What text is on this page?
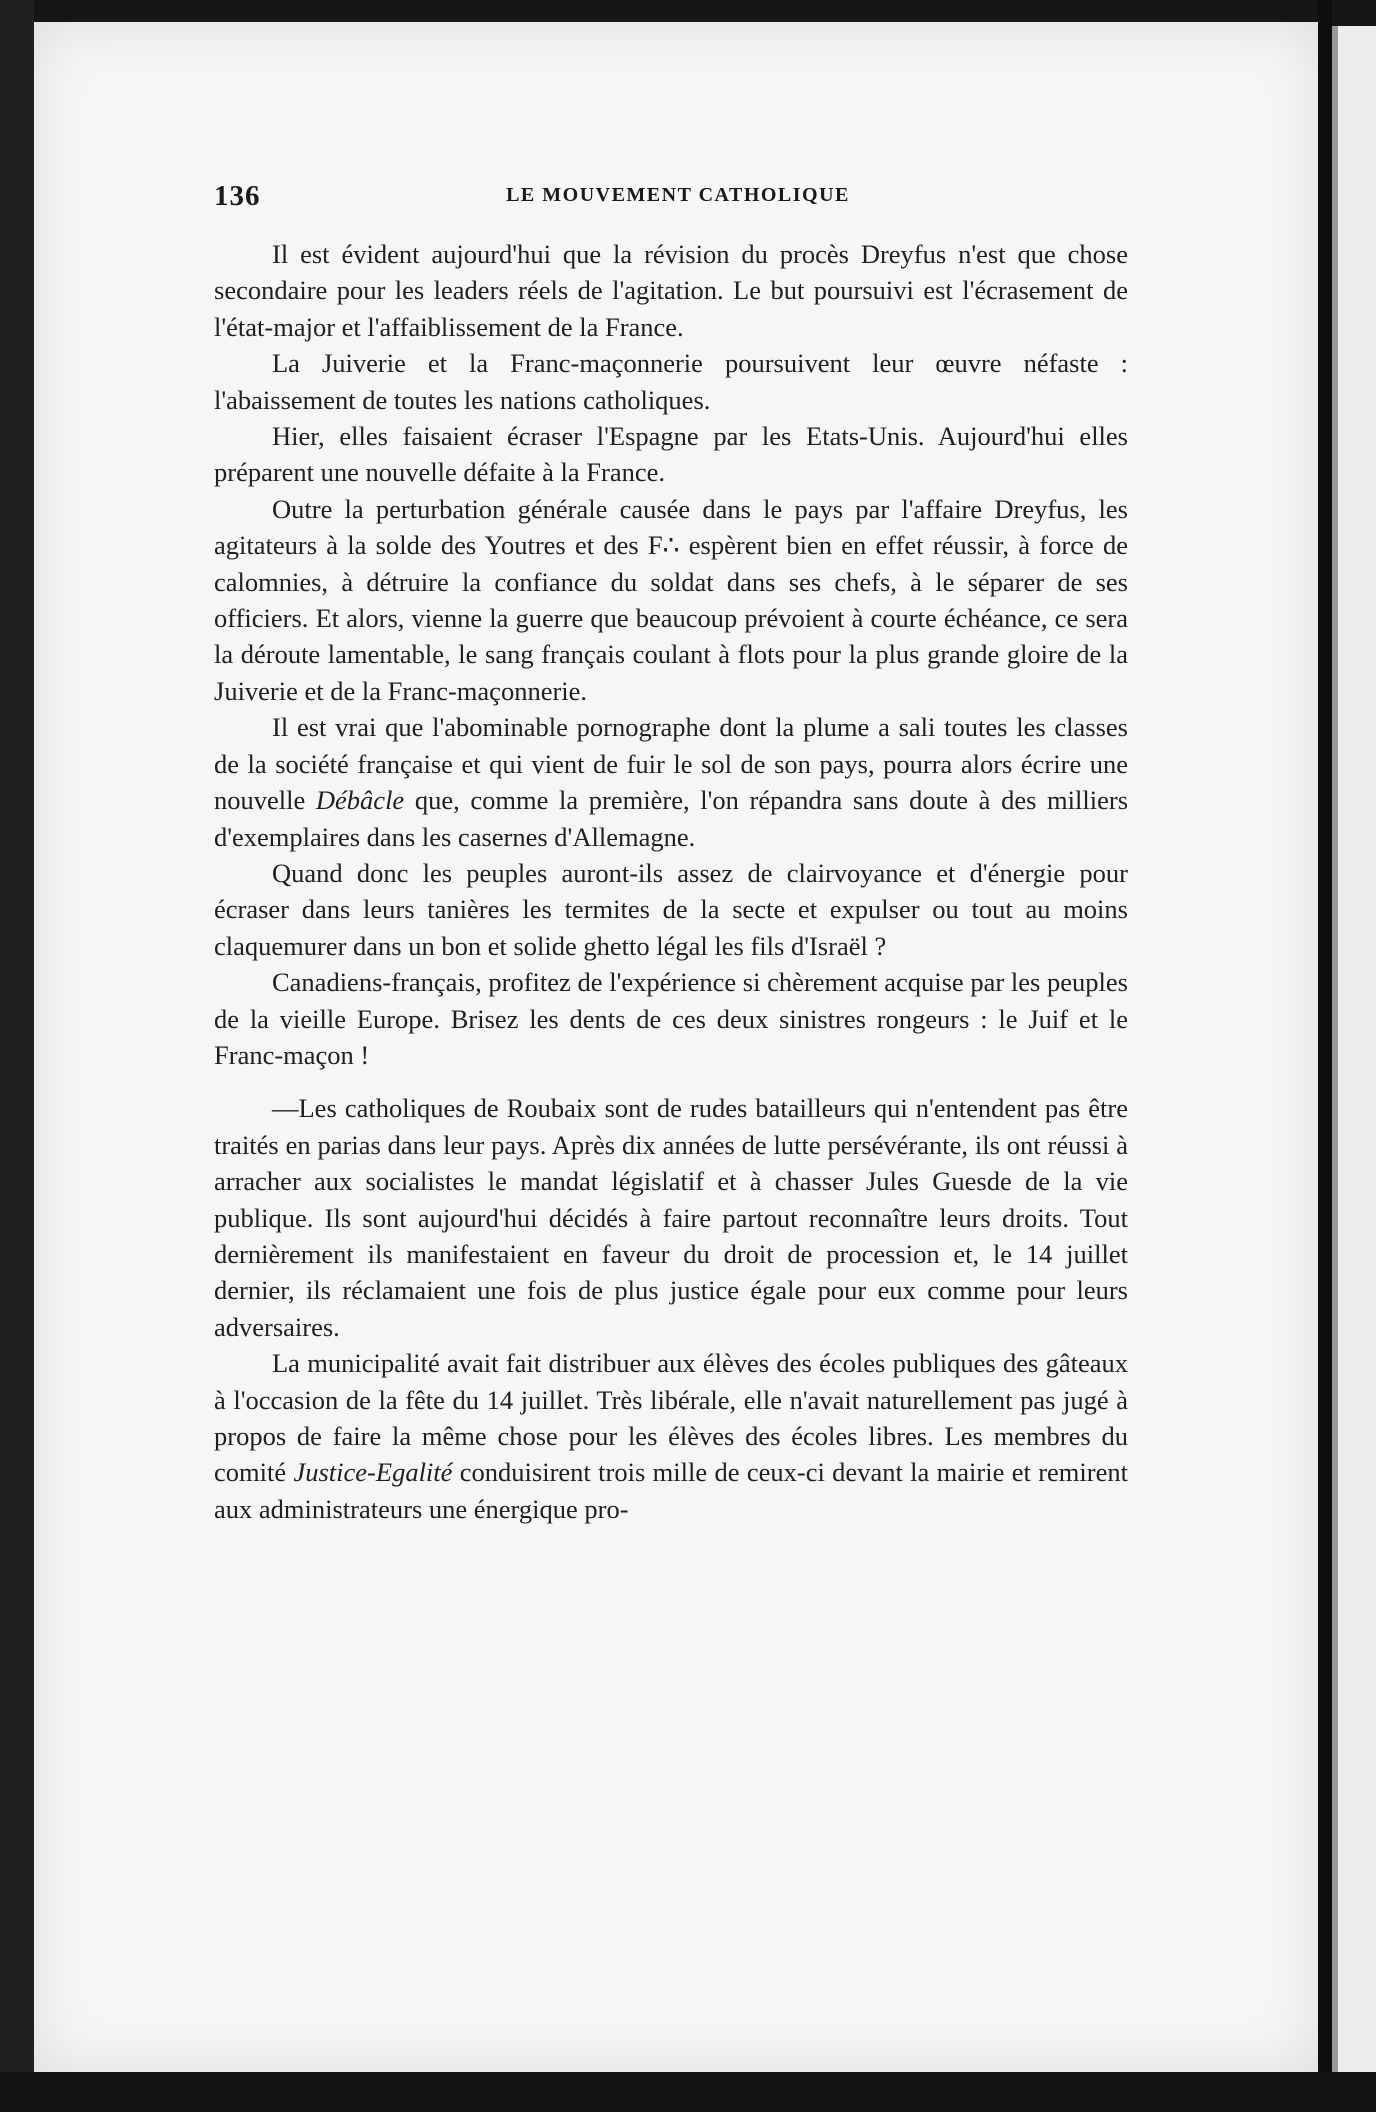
136	LE MOUVEMENT CATHOLIQUE

Il est évident aujourd'hui que la révision du procès Dreyfus n'est que chose secondaire pour les leaders réels de l'agitation. Le but poursuivi est l'écrasement de l'état-major et l'affaiblissement de la France.

La Juiverie et la Franc-maçonnerie poursuivent leur œuvre néfaste : l'abaissement de toutes les nations catholiques.

Hier, elles faisaient écraser l'Espagne par les Etats-Unis. Aujourd'hui elles préparent une nouvelle défaite à la France.

Outre la perturbation générale causée dans le pays par l'affaire Dreyfus, les agitateurs à la solde des Youtres et des F∴ espèrent bien en effet réussir, à force de calomnies, à détruire la confiance du soldat dans ses chefs, à le séparer de ses officiers. Et alors, vienne la guerre que beaucoup prévoient à courte échéance, ce sera la déroute lamentable, le sang français coulant à flots pour la plus grande gloire de la Juiverie et de la Franc-maçonnerie.

Il est vrai que l'abominable pornographe dont la plume a sali toutes les classes de la société française et qui vient de fuir le sol de son pays, pourra alors écrire une nouvelle Débâcle que, comme la première, l'on répandra sans doute à des milliers d'exemplaires dans les casernes d'Allemagne.

Quand donc les peuples auront-ils assez de clairvoyance et d'énergie pour écraser dans leurs tanières les termites de la secte et expulser ou tout au moins claquemurer dans un bon et solide ghetto légal les fils d'Israël ?

Canadiens-français, profitez de l'expérience si chèrement acquise par les peuples de la vieille Europe. Brisez les dents de ces deux sinistres rongeurs : le Juif et le Franc-maçon !

—Les catholiques de Roubaix sont de rudes batailleurs qui n'entendent pas être traités en parias dans leur pays. Après dix années de lutte persévérante, ils ont réussi à arracher aux socialistes le mandat législatif et à chasser Jules Guesde de la vie publique. Ils sont aujourd'hui décidés à faire partout reconnaître leurs droits. Tout dernièrement ils manifestaient en faveur du droit de procession et, le 14 juillet dernier, ils réclamaient une fois de plus justice égale pour eux comme pour leurs adversaires.

La municipalité avait fait distribuer aux élèves des écoles publiques des gâteaux à l'occasion de la fête du 14 juillet. Très libérale, elle n'avait naturellement pas jugé à propos de faire la même chose pour les élèves des écoles libres. Les membres du comité Justice-Egalité conduisirent trois mille de ceux-ci devant la mairie et remirent aux administrateurs une énergique pro-
